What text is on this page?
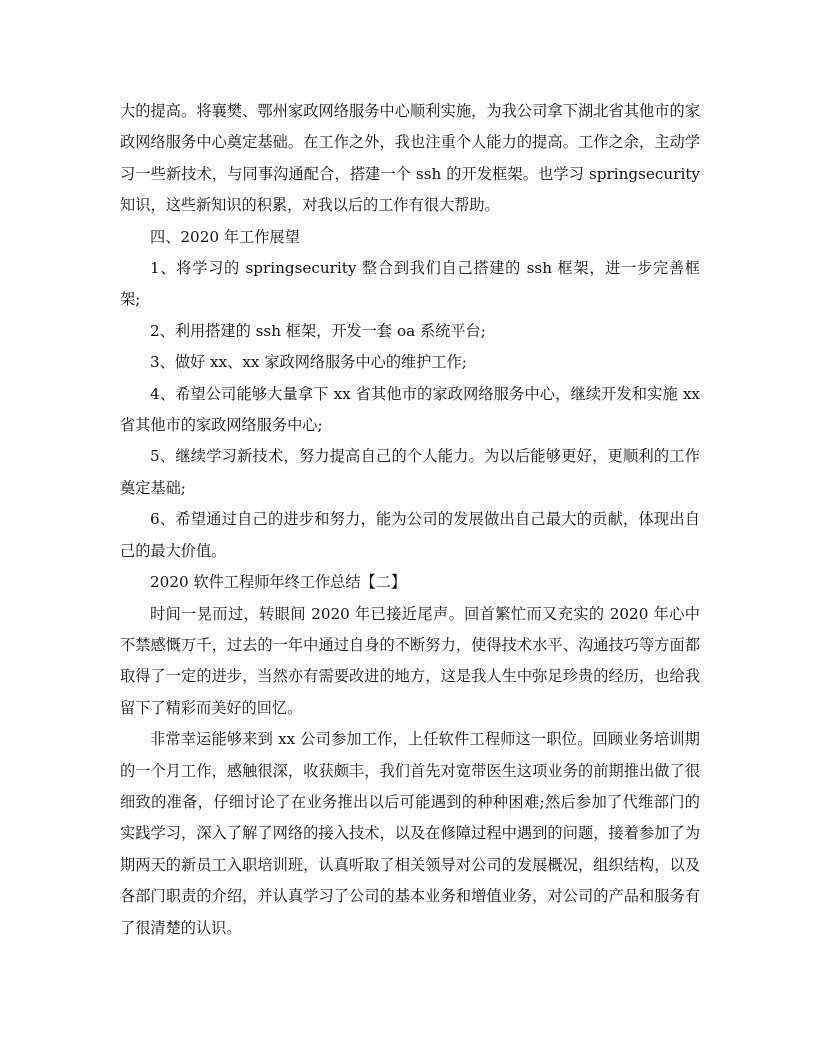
大的提高。将襄樊、鄂州家政网络服务中心顺利实施，为我公司拿下湖北省其他市的家政网络服务中心奠定基础。在工作之外，我也注重个人能力的提高。工作之余，主动学习一些新技术，与同事沟通配合，搭建一个 ssh 的开发框架。也学习 springsecurity 知识，这些新知识的积累，对我以后的工作有很大帮助。

四、2020 年工作展望

1、将学习的 springsecurity 整合到我们自己搭建的 ssh 框架，进一步完善框架;

2、利用搭建的 ssh 框架，开发一套 oa 系统平台;

3、做好 xx、xx 家政网络服务中心的维护工作;

4、希望公司能够大量拿下 xx 省其他市的家政网络服务中心，继续开发和实施 xx 省其他市的家政网络服务中心;

5、继续学习新技术，努力提高自己的个人能力。为以后能够更好，更顺利的工作奠定基础;

6、希望通过自己的进步和努力，能为公司的发展做出自己最大的贡献，体现出自己的最大价值。

2020 软件工程师年终工作总结【二】

时间一晃而过，转眼间 2020 年已接近尾声。回首繁忙而又充实的 2020 年心中不禁感慨万千，过去的一年中通过自身的不断努力，使得技术水平、沟通技巧等方面都取得了一定的进步，当然亦有需要改进的地方，这是我人生中弥足珍贵的经历，也给我留下了精彩而美好的回忆。

非常幸运能够来到 xx 公司参加工作，上任软件工程师这一职位。回顾业务培训期的一个月工作，感触很深，收获颇丰，我们首先对宽带医生这项业务的前期推出做了很细致的准备，仔细讨论了在业务推出以后可能遇到的种种困难;然后参加了代维部门的实践学习，深入了解了网络的接入技术，以及在修障过程中遇到的问题，接着参加了为期两天的新员工入职培训班，认真听取了相关领导对公司的发展概况，组织结构，以及各部门职责的介绍，并认真学习了公司的基本业务和增值业务，对公司的产品和服务有了很清楚的认识。
